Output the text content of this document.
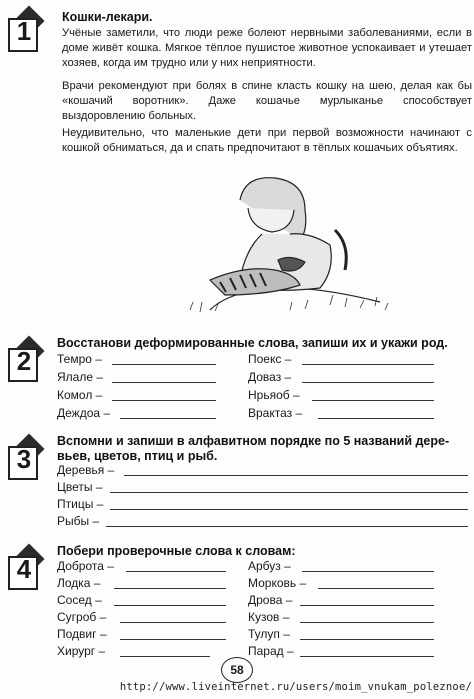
1	Кошки-лекари.

Учёные заметили, что люди реже болеют нервными заболеваниями, если в доме живёт кошка. Мягкое тёплое пушистое животное успокаивает и утешает хозяев, когда им трудно или у них неприятности.

Врачи рекомендуют при болях в спине класть кошку на шею, делая как бы «кошачий воротник». Даже кошачье мурлыканье способствует выздоровлению больных.

Неудивительно, что маленькие дети при первой возможности начинают с кошкой обниматься, да и спать предпочитают в тёплых кошачьих объятиях.

2
Восстанови деформированные слова, запиши их и укажи род.
Темро –
Ялале –
Комол –
Деждоа –
Поекс –
Доваз –
Нрьяоб –
Врактаз –
3
Вспомни и запиши в алфавитном порядке по 5 названий дере-
вьев, цветов, птиц и рыб.
Деревья –
Цветы –
Птицы –
Рыбы –
4
Побери проверочные слова к словам:
Доброта –
Лодка –
Сосед –
Сугроб –
Подвиг –
Хирург –
Арбуз –
Морковь –
Дрова –
Кузов –
Тулуп –
Парад –
58
http://www.liveinternet.ru/users/moim_vnukam_poleznoe/
